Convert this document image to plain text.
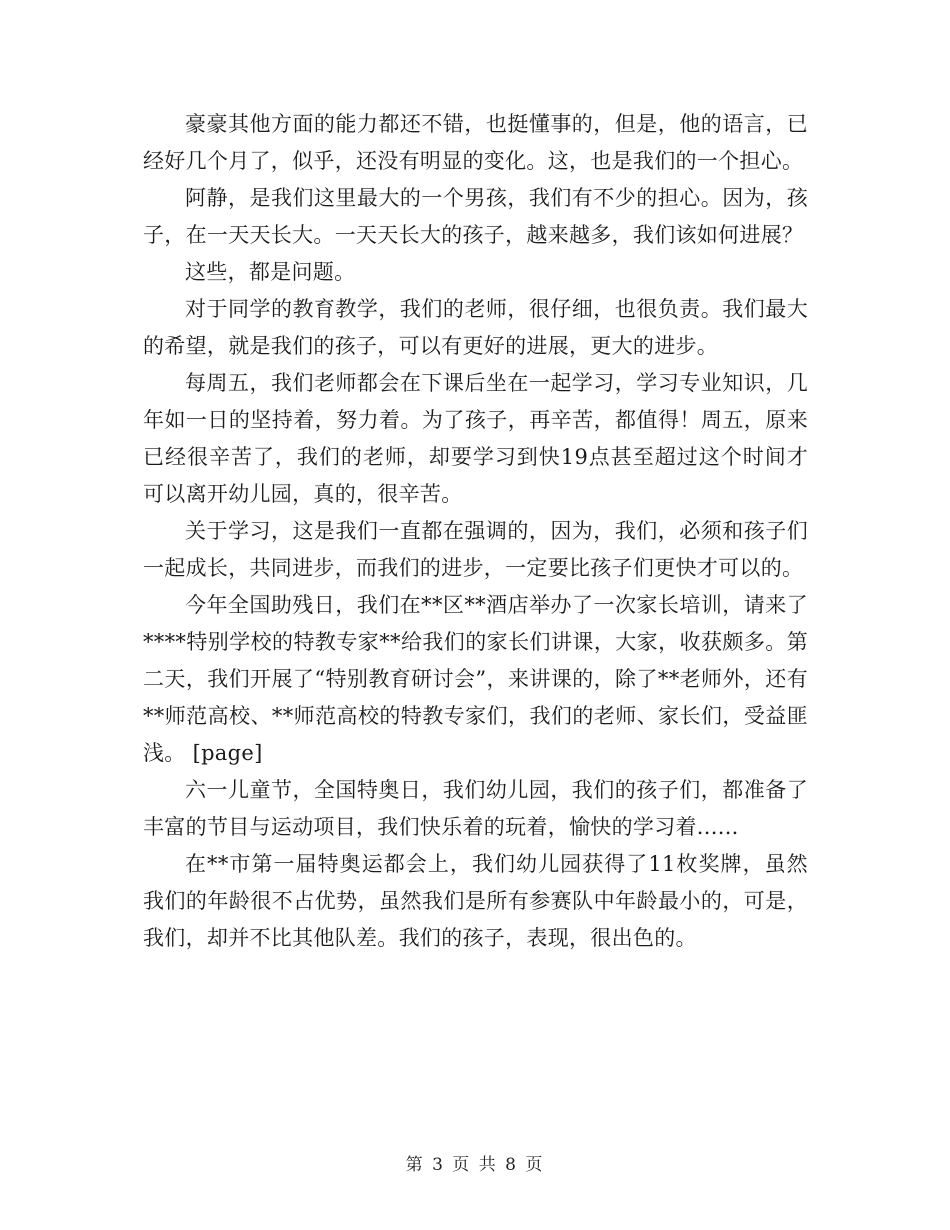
豪豪其他方面的能力都还不错，也挺懂事的，但是，他的语言，已经好几个月了，似乎，还没有明显的变化。这，也是我们的一个担心。

阿静，是我们这里最大的一个男孩，我们有不少的担心。因为，孩子，在一天天长大。一天天长大的孩子，越来越多，我们该如何进展？

这些，都是问题。

对于同学的教育教学，我们的老师，很仔细，也很负责。我们最大的希望，就是我们的孩子，可以有更好的进展，更大的进步。

每周五，我们老师都会在下课后坐在一起学习，学习专业知识，几年如一日的坚持着，努力着。为了孩子，再辛苦，都值得！周五，原来已经很辛苦了，我们的老师，却要学习到快19点甚至超过这个时间才可以离开幼儿园，真的，很辛苦。

关于学习，这是我们一直都在强调的，因为，我们，必须和孩子们一起成长，共同进步，而我们的进步，一定要比孩子们更快才可以的。

今年全国助残日，我们在**区**酒店举办了一次家长培训，请来了****特别学校的特教专家**给我们的家长们讲课，大家，收获颇多。第二天，我们开展了“特别教育研讨会”，来讲课的，除了**老师外，还有**师范高校、**师范高校的特教专家们，我们的老师、家长们，受益匪浅。 [page]

六一儿童节，全国特奥日，我们幼儿园，我们的孩子们，都准备了丰富的节目与运动项目，我们快乐着的玩着，愉快的学习着......

在**市第一届特奥运都会上，我们幼儿园获得了11枚奖牌，虽然我们的年龄很不占优势，虽然我们是所有参赛队中年龄最小的，可是，我们，却并不比其他队差。我们的孩子，表现，很出色的。

第 3 页 共 8 页
